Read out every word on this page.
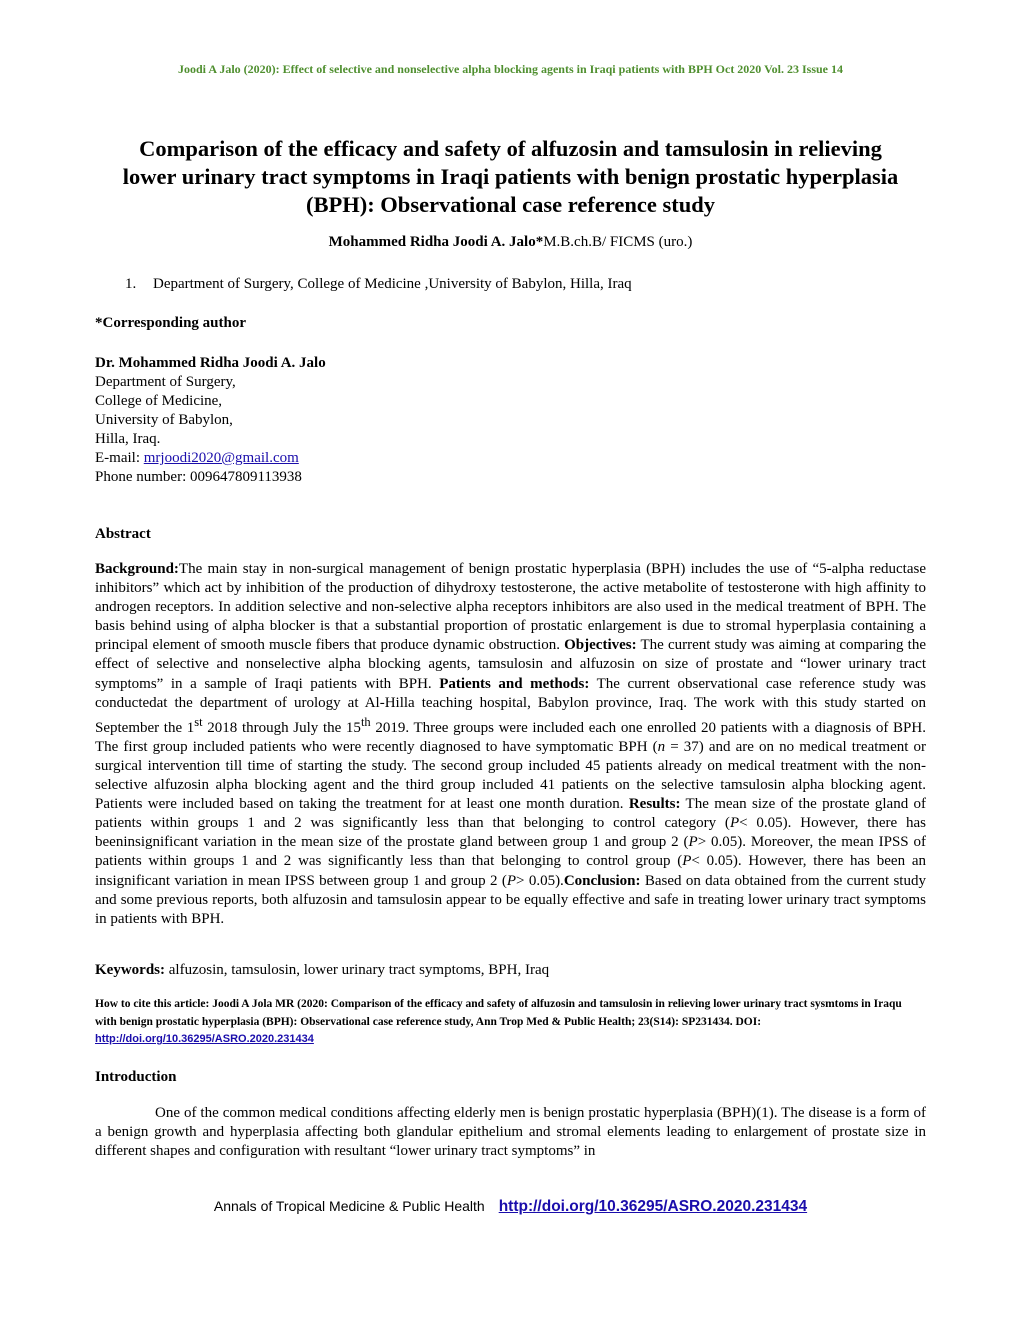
Joodi A Jalo (2020): Effect of selective and nonselective alpha blocking agents in Iraqi patients with BPH Oct 2020 Vol. 23 Issue 14
Comparison of the efficacy and safety of alfuzosin and tamsulosin in relieving
lower urinary tract symptoms in Iraqi patients with benign prostatic hyperplasia
(BPH): Observational case reference study
Mohammed Ridha Joodi A. Jalo*M.B.ch.B/ FICMS (uro.)
1. Department of Surgery, College of Medicine ,University of Babylon, Hilla, Iraq
*Corresponding author
Dr. Mohammed Ridha Joodi A. Jalo
Department of Surgery,
College of Medicine,
University of Babylon,
Hilla, Iraq.
E-mail: mrjoodi2020@gmail.com
Phone number: 009647809113938
Abstract

Background:The main stay in non-surgical management of benign prostatic hyperplasia (BPH) includes the use of “5-alpha reductase inhibitors” which act by inhibition of the production of dihydroxy testosterone, the active metabolite of testosterone with high affinity to androgen receptors. In addition selective and non-selective alpha receptors inhibitors are also used in the medical treatment of BPH. The basis behind using of alpha blocker is that a substantial proportion of prostatic enlargement is due to stromal hyperplasia containing a principal element of smooth muscle fibers that produce dynamic obstruction. Objectives: The current study was aiming at comparing the effect of selective and nonselective alpha blocking agents, tamsulosin and alfuzosin on size of prostate and “lower urinary tract symptoms” in a sample of Iraqi patients with BPH. Patients and methods: The current observational case reference study was conductedat the department of urology at Al-Hilla teaching hospital, Babylon province, Iraq. The work with this study started on September the 1st 2018 through July the 15th 2019. Three groups were included each one enrolled 20 patients with a diagnosis of BPH. The first group included patients who were recently diagnosed to have symptomatic BPH (n = 37) and are on no medical treatment or surgical intervention till time of starting the study. The second group included 45 patients already on medical treatment with the non-selective alfuzosin alpha blocking agent and the third group included 41 patients on the selective tamsulosin alpha blocking agent. Patients were included based on taking the treatment for at least one month duration. Results: The mean size of the prostate gland of patients within groups 1 and 2 was significantly less than that belonging to control category (P< 0.05). However, there has beeninsignificant variation in the mean size of the prostate gland between group 1 and group 2 (P> 0.05). Moreover, the mean IPSS of patients within groups 1 and 2 was significantly less than that belonging to control group (P< 0.05). However, there has been an insignificant variation in mean IPSS between group 1 and group 2 (P> 0.05).Conclusion: Based on data obtained from the current study and some previous reports, both alfuzosin and tamsulosin appear to be equally effective and safe in treating lower urinary tract symptoms in patients with BPH.

Keywords: alfuzosin, tamsulosin, lower urinary tract symptoms, BPH, Iraq

How to cite this article: Joodi A Jola MR (2020: Comparison of the efficacy and safety of alfuzosin and tamsulosin in relieving lower urinary tract sysmtoms in Iraqu with benign prostatic hyperplasia (BPH): Observational case reference study, Ann Trop Med & Public Health; 23(S14): SP231434. DOI: http://doi.org/10.36295/ASRO.2020.231434

Introduction

One of the common medical conditions affecting elderly men is benign prostatic hyperplasia (BPH)(1). The disease is a form of a benign growth and hyperplasia affecting both glandular epithelium and stromal elements leading to enlargement of prostate size in different shapes and configuration with resultant “lower urinary tract symptoms” in

Annals of Tropical Medicine & Public Health http://doi.org/10.36295/ASRO.2020.231434
